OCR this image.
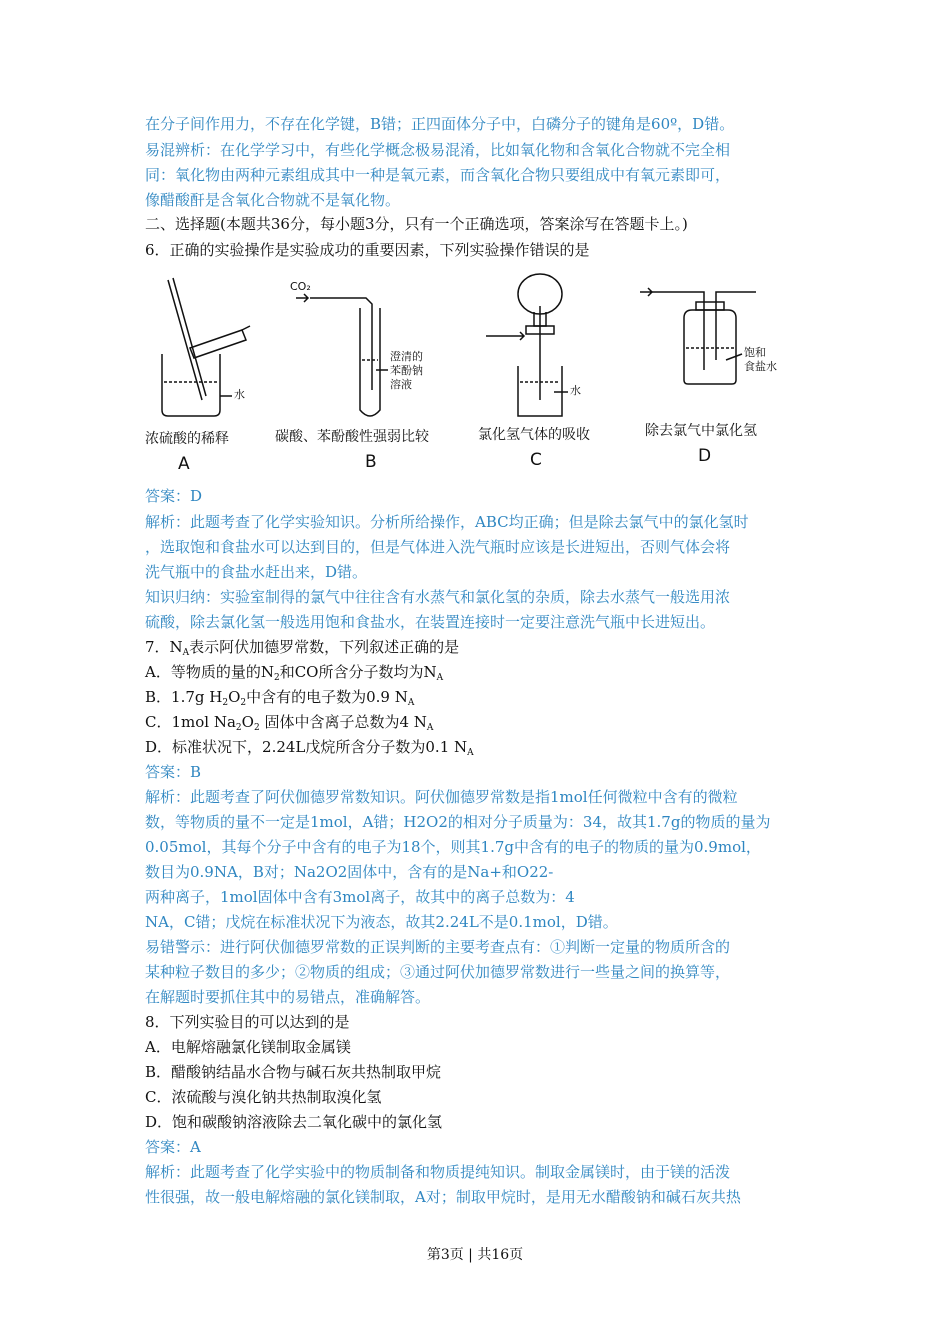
在分子间作用力，不存在化学键，B错；正四面体分子中，白磷分子的键角是60º，D错。
易混辨析：在化学学习中，有些化学概念极易混淆，比如氧化物和含氧化合物就不完全相
同：氧化物由两种元素组成其中一种是氧元素，而含氧化合物只要组成中有氧元素即可，
像醋酸酐是含氧化合物就不是氧化物。
二、选择题(本题共36分，每小题3分，只有一个正确选项，答案涂写在答题卡上。)
6．正确的实验操作是实验成功的重要因素，下列实验操作错误的是
答案：D
解析：此题考查了化学实验知识。分析所给操作，ABC均正确；但是除去氯气中的氯化氢时
，选取饱和食盐水可以达到目的，但是气体进入洗气瓶时应该是长进短出，否则气体会将
洗气瓶中的食盐水赶出来，D错。
知识归纳：实验室制得的氯气中往往含有水蒸气和氯化氢的杂质，除去水蒸气一般选用浓
硫酸，除去氯化氢一般选用饱和食盐水，在装置连接时一定要注意洗气瓶中长进短出。
7．$N_A$表示阿伏加德罗常数，下列叙述正确的是
A．等物质的量的$N_2$和CO所含分子数均为$N_A$
B．1.7g $H_2O_2$中含有的电子数为0.9 $N_A$
C．1mol $Na_2O_2$ 固体中含离子总数为4 $N_A$
D．标准状况下，2.24L戊烷所含分子数为0.1 $N_A$
答案：B
解析：此题考查了阿伏伽德罗常数知识。阿伏伽德罗常数是指1mol任何微粒中含有的微粒
数，等物质的量不一定是1mol，A错；H2O2的相对分子质量为：34，故其1.7g的物质的量为
0.05mol，其每个分子中含有的电子为18个，则其1.7g中含有的电子的物质的量为0.9mol，
数目为0.9NA，B对；Na2O2固体中，含有的是Na+和O22-
两种离子，1mol固体中含有3mol离子，故其中的离子总数为：4
NA，C错；戊烷在标准状况下为液态，故其2.24L不是0.1mol，D错。
易错警示：进行阿伏伽德罗常数的正误判断的主要考查点有：①判断一定量的物质所含的
某种粒子数目的多少；②物质的组成；③通过阿伏加德罗常数进行一些量之间的换算等，
在解题时要抓住其中的易错点，准确解答。
8．下列实验目的可以达到的是
A．电解熔融氯化镁制取金属镁
B．醋酸钠结晶水合物与碱石灰共热制取甲烷
C．浓硫酸与溴化钠共热制取溴化氢
D．饱和碳酸钠溶液除去二氧化碳中的氯化氢
答案：A
解析：此题考查了化学实验中的物质制备和物质提纯知识。制取金属镁时，由于镁的活泼
性很强，故一般电解熔融的氯化镁制取，A对；制取甲烷时，是用无水醋酸钠和碱石灰共热
CO₂
澄清的
苯酚钠
溶液
水	水
饱和
食盐水
浓硫酸的稀释	碳酸、苯酚酸性强弱比较	氯化氢气体的吸收	除去氯气中氯化氢
A	B	C	D
第3页 | 共16页
